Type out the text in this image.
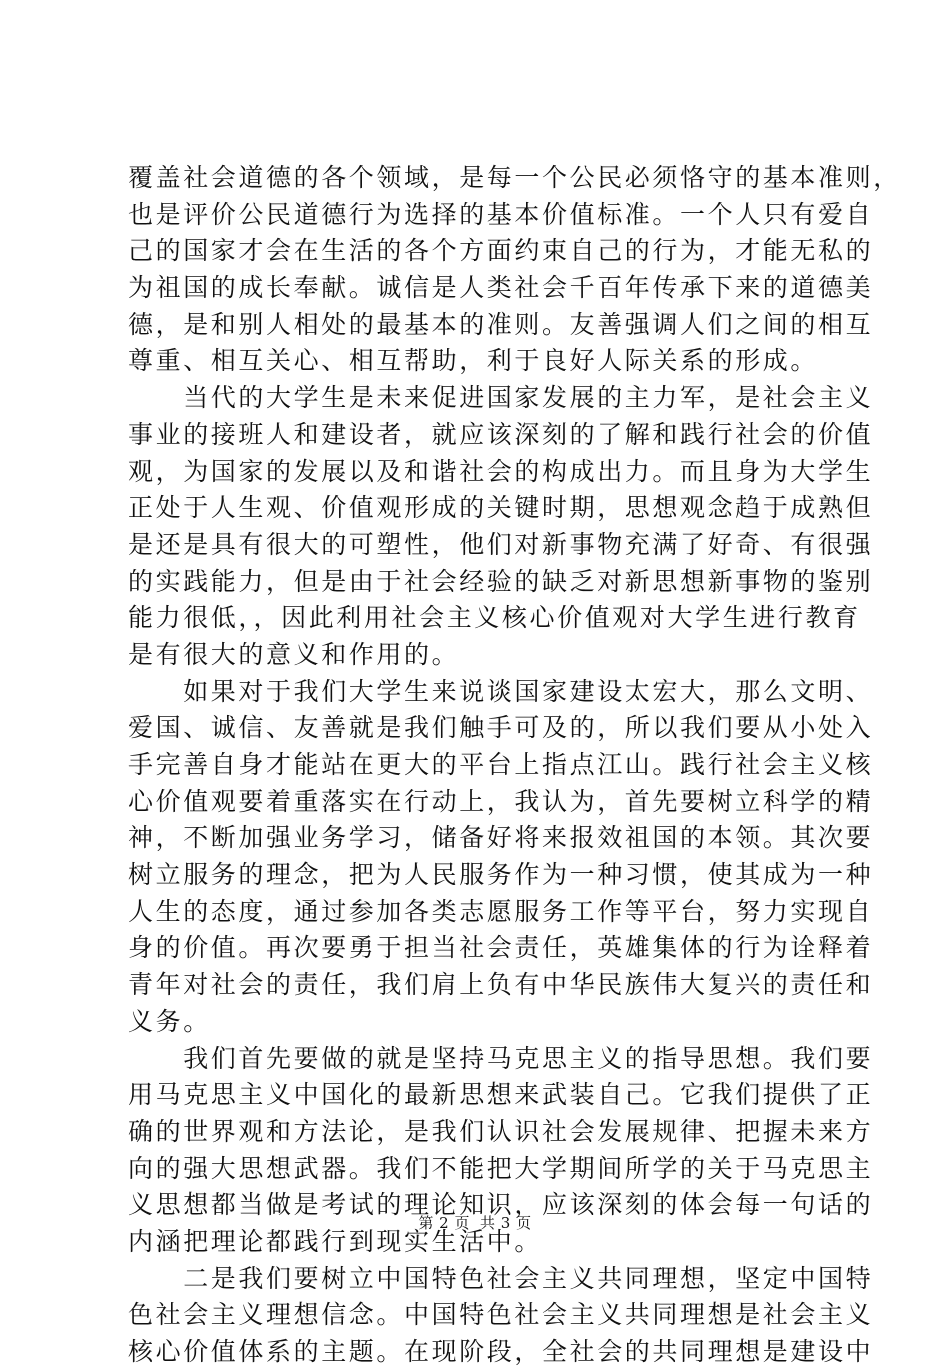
覆盖社会道德的各个领域，是每一个公民必须恪守的基本准则，
也是评价公民道德行为选择的基本价值标准。一个人只有爱自
己的国家才会在生活的各个方面约束自己的行为，才能无私的
为祖国的成长奉献。诚信是人类社会千百年传承下来的道德美
德，是和别人相处的最基本的准则。友善强调人们之间的相互
尊重、相互关心、相互帮助，利于良好人际关系的形成。
　　当代的大学生是未来促进国家发展的主力军，是社会主义
事业的接班人和建设者，就应该深刻的了解和践行社会的价值
观，为国家的发展以及和谐社会的构成出力。而且身为大学生
正处于人生观、价值观形成的关键时期，思想观念趋于成熟但
是还是具有很大的可塑性，他们对新事物充满了好奇、有很强
的实践能力，但是由于社会经验的缺乏对新思想新事物的鉴别
能力很低，，因此利用社会主义核心价值观对大学生进行教育
是有很大的意义和作用的。
　　如果对于我们大学生来说谈国家建设太宏大，那么文明、
爱国、诚信、友善就是我们触手可及的，所以我们要从小处入
手完善自身才能站在更大的平台上指点江山。践行社会主义核
心价值观要着重落实在行动上，我认为，首先要树立科学的精
神，不断加强业务学习，储备好将来报效祖国的本领。其次要
树立服务的理念，把为人民服务作为一种习惯，使其成为一种
人生的态度，通过参加各类志愿服务工作等平台，努力实现自
身的价值。再次要勇于担当社会责任，英雄集体的行为诠释着
青年对社会的责任，我们肩上负有中华民族伟大复兴的责任和
义务。
　　我们首先要做的就是坚持马克思主义的指导思想。我们要
用马克思主义中国化的最新思想来武装自己。它我们提供了正
确的世界观和方法论，是我们认识社会发展规律、把握未来方
向的强大思想武器。我们不能把大学期间所学的关于马克思主
义思想都当做是考试的理论知识，应该深刻的体会每一句话的
内涵把理论都践行到现实生活中。
　　二是我们要树立中国特色社会主义共同理想，坚定中国特
色社会主义理想信念。中国特色社会主义共同理想是社会主义
核心价值体系的主题。在现阶段，全社会的共同理想是建设中
第 2 页 共 3 页
